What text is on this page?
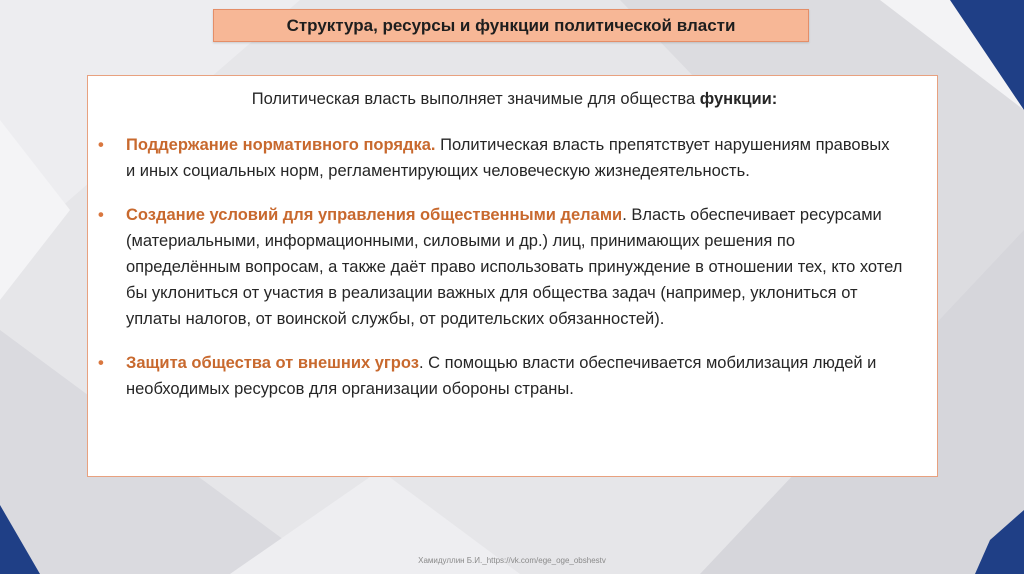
Структура, ресурсы и функции политической власти

Политическая власть выполняет значимые для общества функции:

• Поддержание нормативного порядка. Политическая власть препятствует нарушениям правовых и иных социальных норм, регламентирующих человеческую жизнедеятельность.
• Создание условий для управления общественными делами. Власть обеспечивает ресурсами (материальными, информационными, силовыми и др.) лиц, принимающих решения по определённым вопросам, а также даёт право использовать принуждение в отношении тех, кто хотел бы уклониться от участия в реализации важных для общества задач (например, уклониться от уплаты налогов, от воинской службы, от родительских обязанностей).
• Защита общества от внешних угроз. С помощью власти обеспечивается мобилизация людей и необходимых ресурсов для организации обороны страны.
Хамидуллин Б.И._https://vk.com/ege_oge_obshestv
